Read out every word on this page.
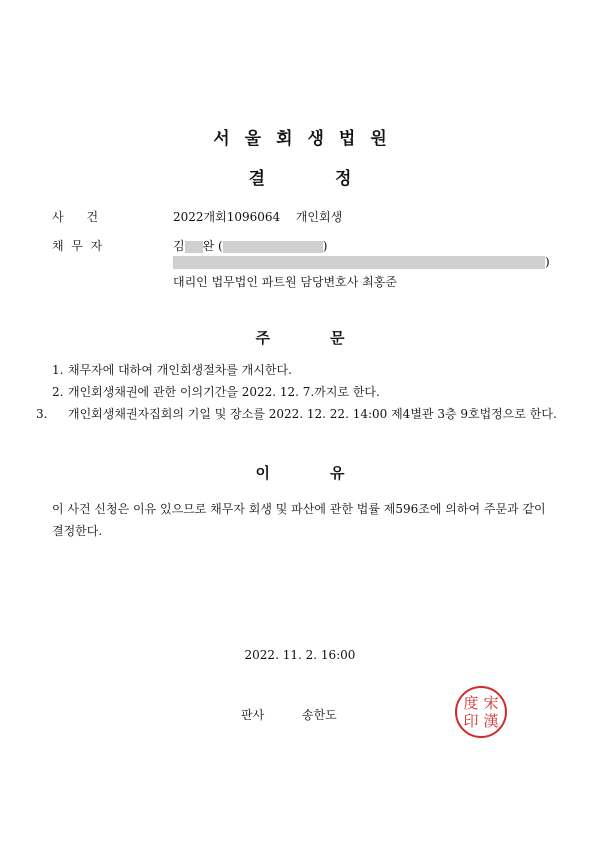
서울회생법원
결정
사      건	2022개회1096064 개인회생
채  무  자	김 완 (	)
)
대리인 법무법인 파트원 담당변호사 최홍준
주문
1. 채무자에 대하여 개인회생절차를 개시한다.
2. 개인회생채권에 관한 이의기간을 2022. 12. 7.까지로 한다.
3. 개인회생채권자집회의 기일 및 장소를 2022. 12. 22. 14:00 제4별관 3층 9호법정으로 한다.
이유
이 사건 신청은 이유 있으므로 채무자 회생 및 파산에 관한 법률 제596조에 의하여 주문과 같이 결정한다.
2022. 11. 2. 16:00
판사	송한도
宋
漢
度
印
